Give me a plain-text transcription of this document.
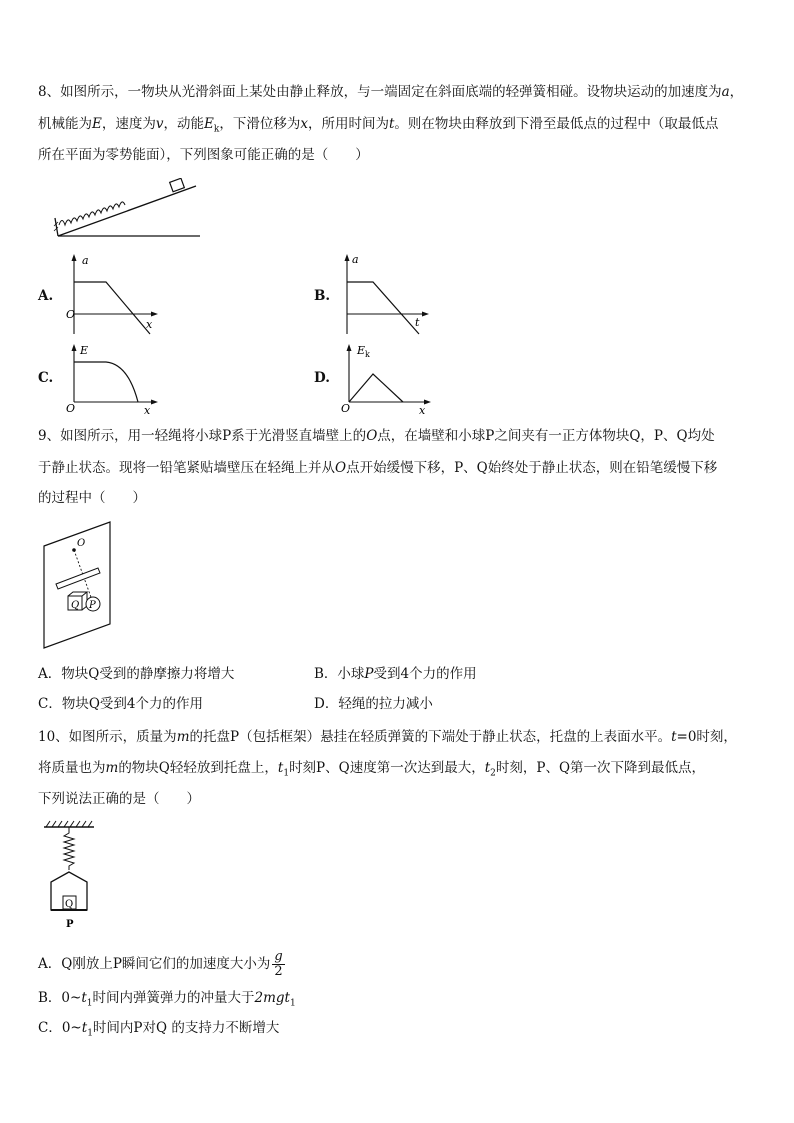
8、如图所示，一物块从光滑斜面上某处由静止释放，与一端固定在斜面底端的轻弹簧相碰。设物块运动的加速度为a，
机械能为E，速度为v，动能$E_k$，下滑位移为x，所用时间为t。则在物块由释放到下滑至最低点的过程中（取最低点
所在平面为零势能面），下列图象可能正确的是（　　）
A.
a
O
x
B.
a
t
C.
E
O	x
D.
E k
O	x
9、如图所示，用一轻绳将小球P系于光滑竖直墙壁上的O点，在墙壁和小球P之间夹有一正方体物块Q，P、Q均处
于静止状态。现将一铅笔紧贴墙壁压在轻绳上并从O点开始缓慢下移，P、Q始终处于静止状态，则在铅笔缓慢下移
的过程中（　　）
O
Q P
A．物块Q受到的静摩擦力将增大	B．小球P受到4个力的作用
C．物块Q受到4个力的作用	D．轻绳的拉力减小
10、如图所示，质量为m的托盘P（包括框架）悬挂在轻质弹簧的下端处于静止状态，托盘的上表面水平。t=0时刻，
将质量也为m的物块Q轻轻放到托盘上，$t_1$时刻P、Q速度第一次达到最大，$t_2$时刻，P、Q第一次下降到最低点，
下列说法正确的是（　　）
Q
P
A．Q刚放上P瞬间它们的加速度大小为 $\frac{g}{2}$
B．$0\sim t_1$时间内弹簧弹力的冲量大于2mgt$_1$
C．$0\sim t_1$时间内P对Q 的支持力不断增大
